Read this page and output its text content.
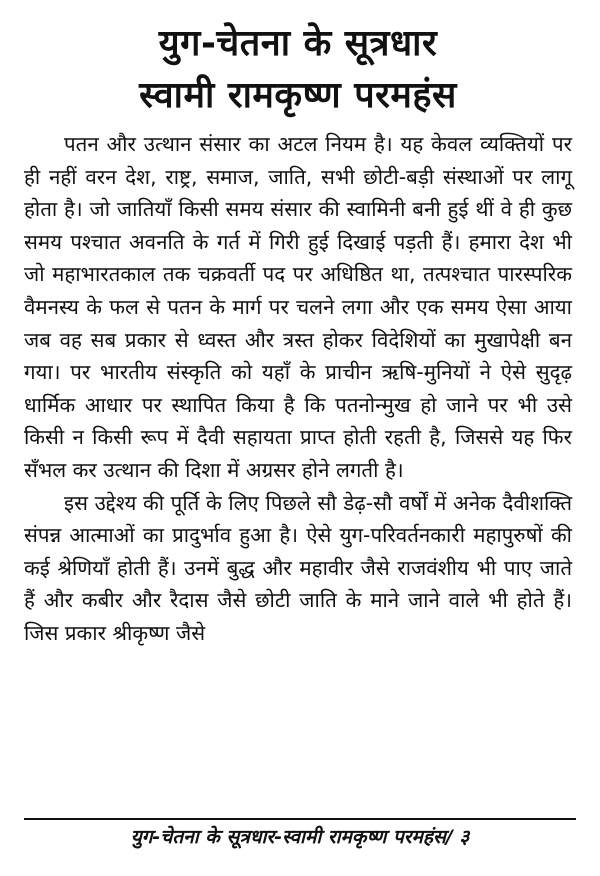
युग-चेतना के सूत्रधार
स्वामी रामकृष्ण परमहंस

पतन और उत्थान संसार का अटल नियम है। यह केवल व्यक्तियों पर ही नहीं वरन देश, राष्ट्र, समाज, जाति, सभी छोटी-बड़ी संस्थाओं पर लागू होता है। जो जातियाँ किसी समय संसार की स्वामिनी बनी हुई थीं वे ही कुछ समय पश्चात अवनति के गर्त में गिरी हुई दिखाई पड़ती हैं। हमारा देश भी जो महाभारतकाल तक चक्रवर्ती पद पर अधिष्ठित था, तत्पश्चात पारस्परिक वैमनस्य के फल से पतन के मार्ग पर चलने लगा और एक समय ऐसा आया जब वह सब प्रकार से ध्वस्त और त्रस्त होकर विदेशियों का मुखापेक्षी बन गया। पर भारतीय संस्कृति को यहाँ के प्राचीन ऋषि-मुनियों ने ऐसे सुदृढ़ धार्मिक आधार पर स्थापित किया है कि पतनोन्मुख हो जाने पर भी उसे किसी न किसी रूप में दैवी सहायता प्राप्त होती रहती है, जिससे यह फिर सँभल कर उत्थान की दिशा में अग्रसर होने लगती है।

इस उद्देश्य की पूर्ति के लिए पिछले सौ डेढ़-सौ वर्षों में अनेक दैवीशक्ति संपन्न आत्माओं का प्रादुर्भाव हुआ है। ऐसे युग-परिवर्तनकारी महापुरुषों की कई श्रेणियाँ होती हैं। उनमें बुद्ध और महावीर जैसे राजवंशीय भी पाए जाते हैं और कबीर और रैदास जैसे छोटी जाति के माने जाने वाले भी होते हैं। जिस प्रकार श्रीकृष्ण जैसे

युग-चेतना के सूत्रधार-स्वामी रामकृष्ण परमहंस/ ३
